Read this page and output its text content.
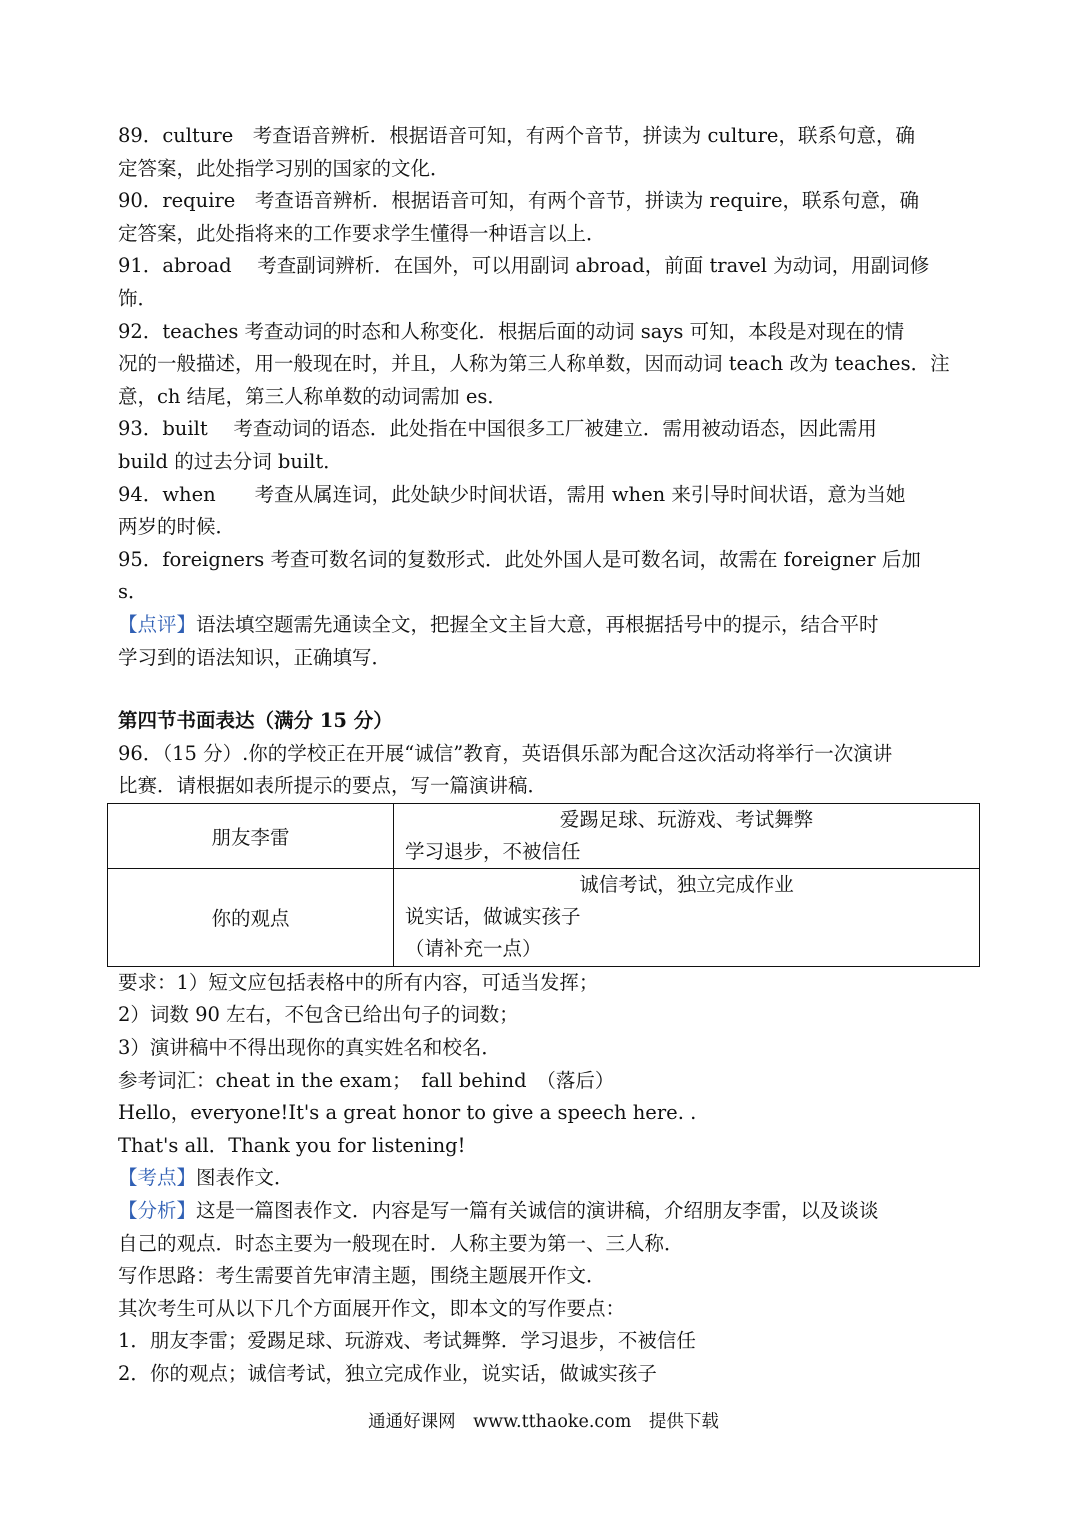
89．culture　考查语音辨析．根据语音可知，有两个音节，拼读为 culture，联系句意，确

定答案，此处指学习别的国家的文化．

90．require　考查语音辨析．根据语音可知，有两个音节，拼读为 require，联系句意，确

定答案，此处指将来的工作要求学生懂得一种语言以上．

91．abroad　 考查副词辨析．在国外，可以用副词 abroad，前面 travel 为动词，用副词修

饰．

92．teaches 考查动词的时态和人称变化．根据后面的动词 says 可知，本段是对现在的情

况的一般描述，用一般现在时，并且，人称为第三人称单数，因而动词 teach 改为 teaches．注

意，ch 结尾，第三人称单数的动词需加 es．

93．built　 考查动词的语态．此处指在中国很多工厂被建立．需用被动语态，因此需用

build 的过去分词 built．

94．when　　考查从属连词，此处缺少时间状语，需用 when 来引导时间状语，意为当她

两岁的时候．

95．foreigners 考查可数名词的复数形式．此处外国人是可数名词，故需在 foreigner 后加

s．

【点评】语法填空题需先通读全文，把握全文主旨大意，再根据括号中的提示，结合平时

学习到的语法知识，正确填写．

第四节书面表达（满分 15 分）

96．（15 分）.你的学校正在开展“诚信”教育，英语俱乐部为配合这次活动将举行一次演讲

比赛．请根据如表所提示的要点，写一篇演讲稿．

朋友李雷	爱踢足球、玩游戏、考试舞弊
学习退步，不被信任

你的观点	诚信考试，独立完成作业
说实话，做诚实孩子
（请补充一点）

要求：1）短文应包括表格中的所有内容，可适当发挥；

2）词数 90 左右，不包含已给出句子的词数；

3）演讲稿中不得出现你的真实姓名和校名．

参考词汇：cheat in the exam；　fall behind　（落后）

Hello，everyone!It's a great honor to give a speech here. .

That's all．Thank you for listening!

【考点】图表作文．

【分析】这是一篇图表作文．内容是写一篇有关诚信的演讲稿，介绍朋友李雷，以及谈谈

自己的观点．时态主要为一般现在时．人称主要为第一、三人称．

写作思路：考生需要首先审清主题，围绕主题展开作文．

其次考生可从以下几个方面展开作文，即本文的写作要点：

1．朋友李雷；爱踢足球、玩游戏、考试舞弊．学习退步，不被信任

2．你的观点；诚信考试，独立完成作业，说实话，做诚实孩子

通通好课网　www.tthaoke.com　提供下载
